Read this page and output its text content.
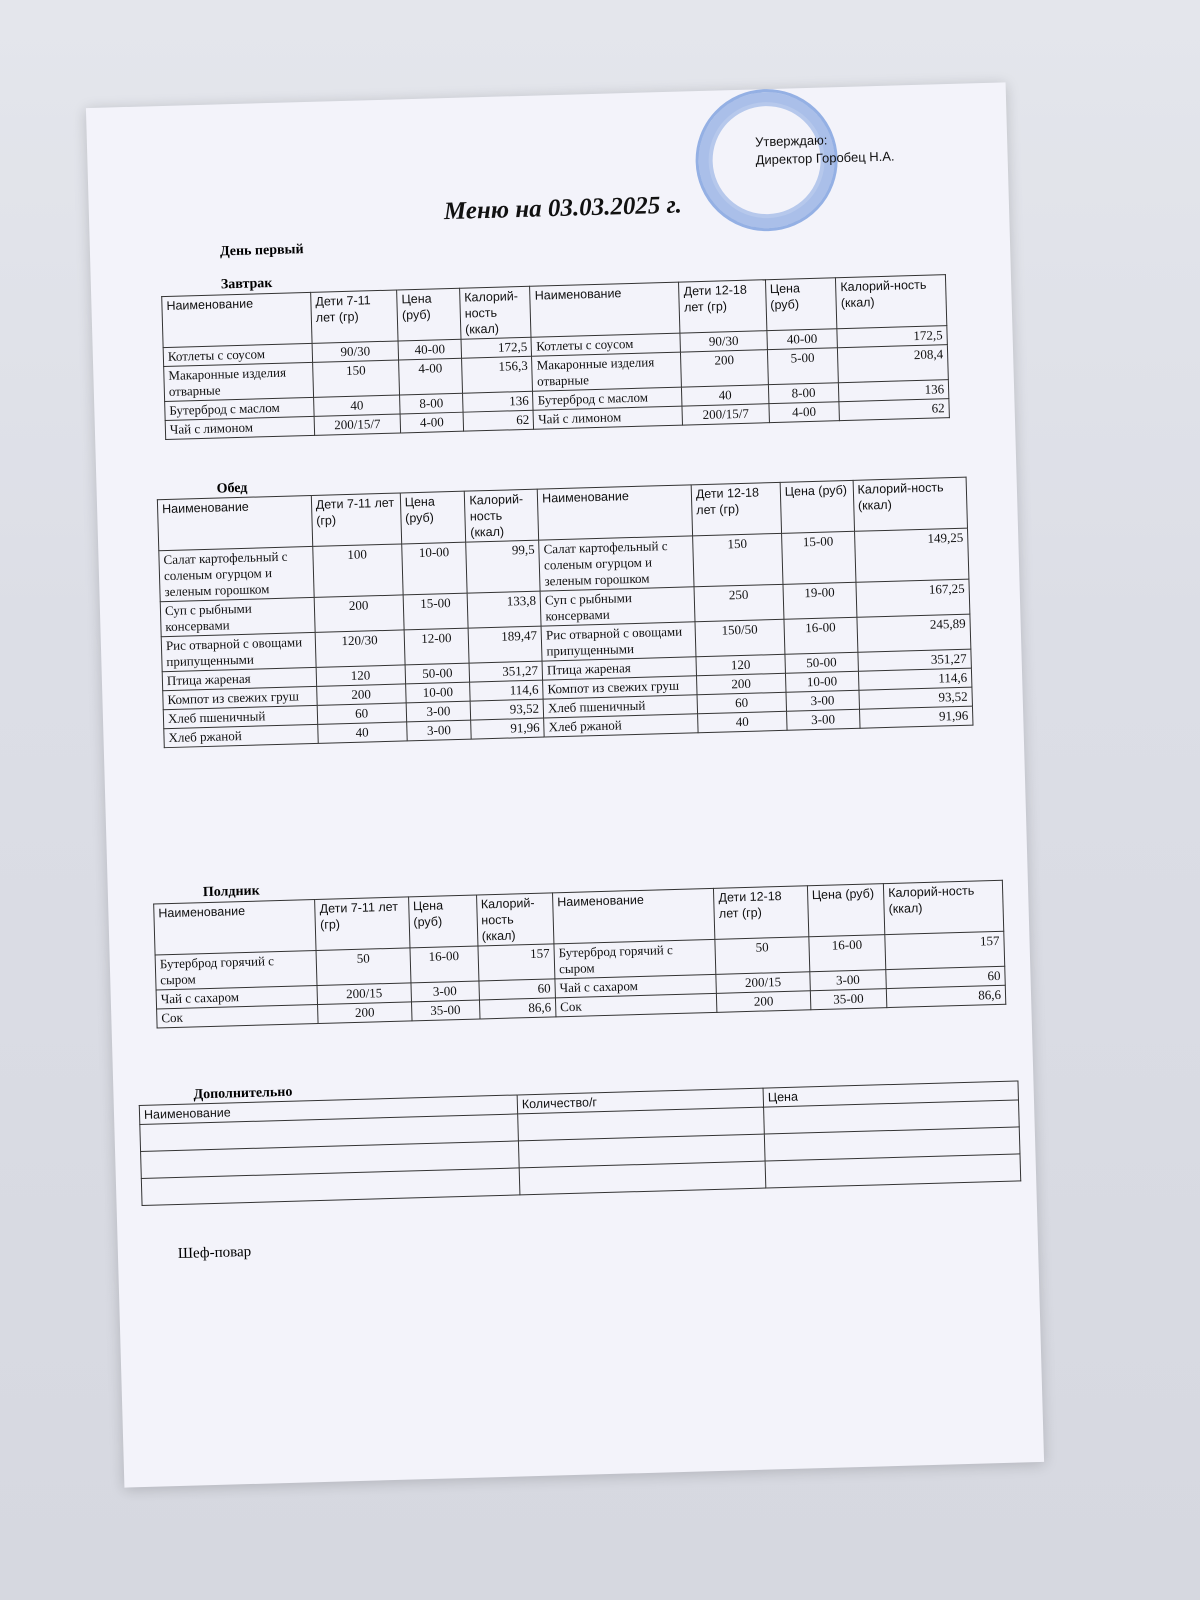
Утверждаю:
Директор Горобец Н.А.
Меню на 03.03.2025 г.
День первый
Завтрак
Наименование	Дети 7-11 лет (гр)	Цена (руб)	Калорий-ность (ккал)	Наименование	Дети 12-18 лет (гр)	Цена (руб)	Калорий-ность (ккал)
Котлеты с соусом	90/30	40-00	172,5	Котлеты с соусом	90/30	40-00	172,5
Макаронные изделия отварные	150	4-00	156,3	Макаронные изделия отварные	200	5-00	208,4
Бутерброд с маслом	40	8-00	136	Бутерброд с маслом	40	8-00	136
Чай с лимоном	200/15/7	4-00	62	Чай с лимоном	200/15/7	4-00	62
Обед
Наименование	Дети 7-11 лет (гр)	Цена (руб)	Калорий-ность (ккал)	Наименование	Дети 12-18 лет (гр)	Цена (руб)	Калорий-ность (ккал)
Салат картофельный с соленым огурцом и зеленым горошком	100	10-00	99,5	Салат картофельный с соленым огурцом и зеленым горошком	150	15-00	149,25
Суп с рыбными консервами	200	15-00	133,8	Суп с рыбными консервами	250	19-00	167,25
Рис отварной с овощами припущенными	120/30	12-00	189,47	Рис отварной с овощами припущенными	150/50	16-00	245,89
Птица жареная	120	50-00	351,27	Птица жареная	120	50-00	351,27
Компот из свежих груш	200	10-00	114,6	Компот из свежих груш	200	10-00	114,6
Хлеб пшеничный	60	3-00	93,52	Хлеб пшеничный	60	3-00	93,52
Хлеб ржаной	40	3-00	91,96	Хлеб ржаной	40	3-00	91,96
Полдник
Наименование	Дети 7-11 лет (гр)	Цена (руб)	Калорий-ность (ккал)	Наименование	Дети 12-18 лет (гр)	Цена (руб)	Калорий-ность (ккал)
Бутерброд горячий с сыром	50	16-00	157	Бутерброд горячий с сыром	50	16-00	157
Чай с сахаром	200/15	3-00	60	Чай с сахаром	200/15	3-00	60
Сок	200	35-00	86,6	Сок	200	35-00	86,6
Дополнительно
Наименование	Количество/г	Цена

Шеф-повар
